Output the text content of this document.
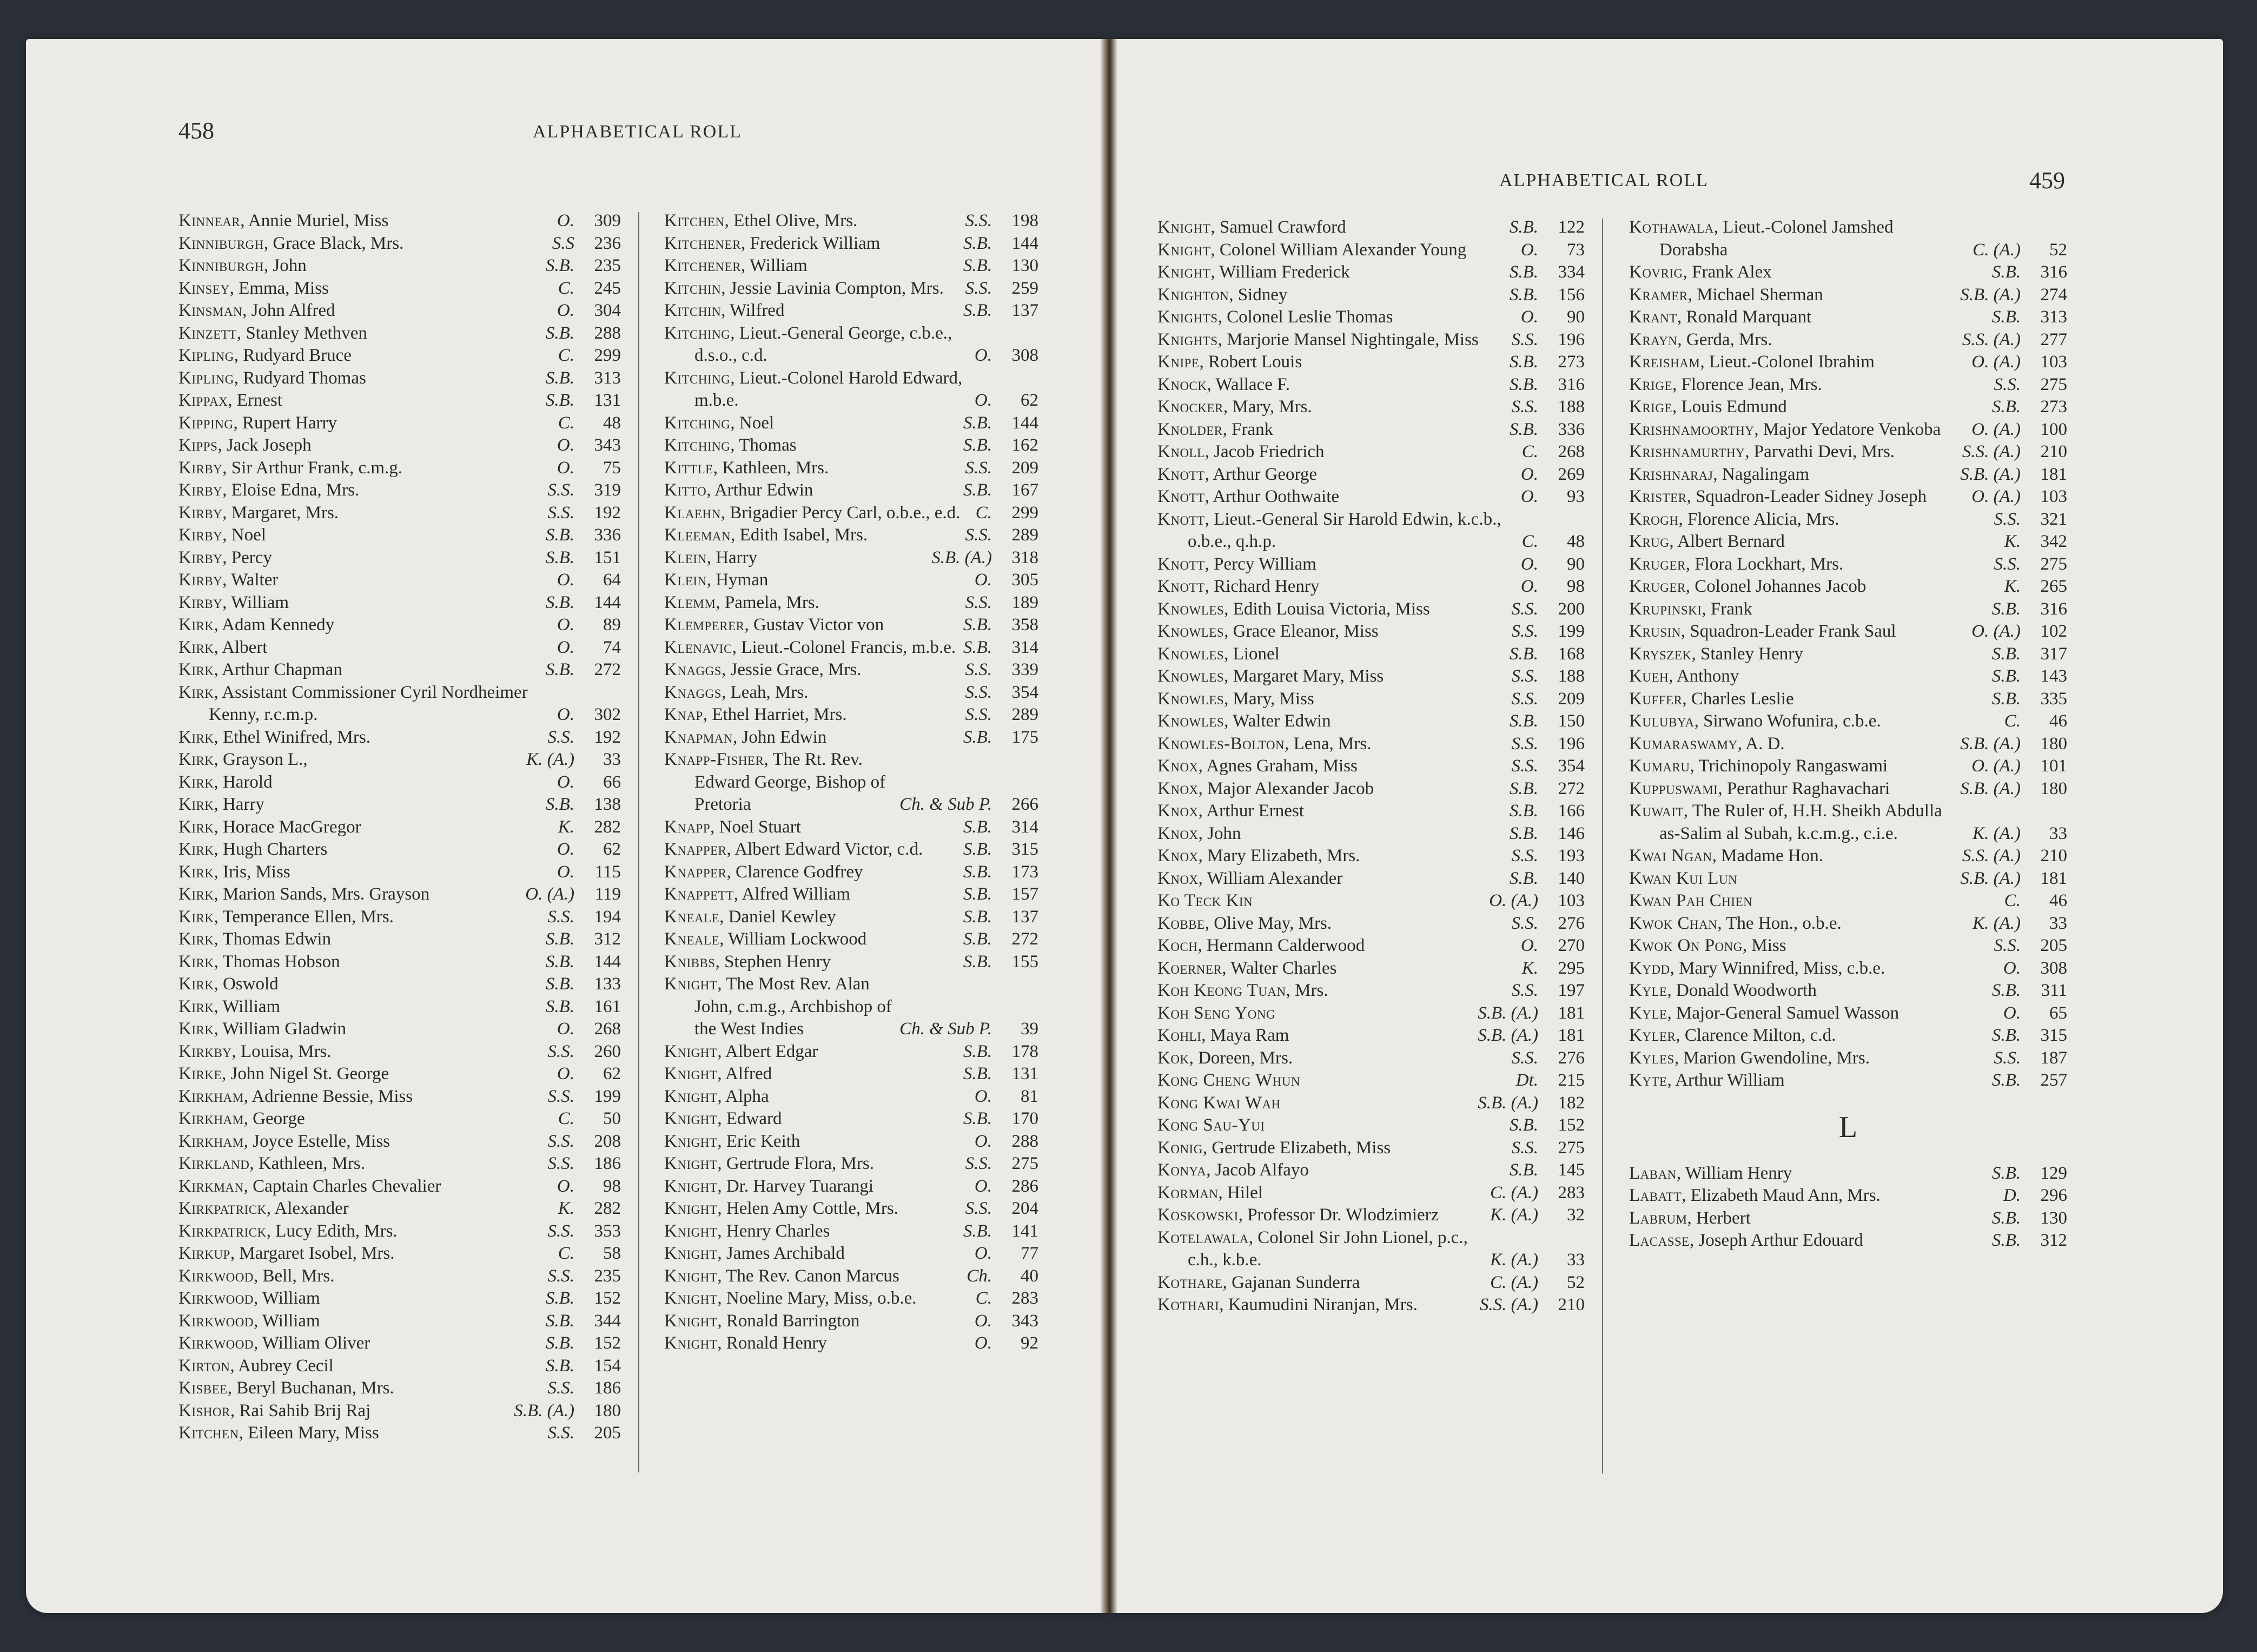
458	ALPHABETICAL ROLL
ALPHABETICAL ROLL	459
Kinnear, Annie Muriel, Miss	O.	309
Kinniburgh, Grace Black, Mrs.	S.S	236
Kinniburgh, John	S.B.	235
Kinsey, Emma, Miss	C.	245
Kinsman, John Alfred	O.	304
Kinzett, Stanley Methven	S.B.	288
Kipling, Rudyard Bruce	C.	299
Kipling, Rudyard Thomas	S.B.	313
Kippax, Ernest	S.B.	131
Kipping, Rupert Harry	C.	48
Kipps, Jack Joseph	O.	343
Kirby, Sir Arthur Frank, c.m.g.	O.	75
Kirby, Eloise Edna, Mrs.	S.S.	319
Kirby, Margaret, Mrs.	S.S.	192
Kirby, Noel	S.B.	336
Kirby, Percy	S.B.	151
Kirby, Walter	O.	64
Kirby, William	S.B.	144
Kirk, Adam Kennedy	O.	89
Kirk, Albert	O.	74
Kirk, Arthur Chapman	S.B.	272
Kirk, Assistant Commissioner Cyril Nordheimer Kenny, r.c.m.p.	O.	302
Kirk, Ethel Winifred, Mrs.	S.S.	192
Kirk, Grayson L.,	K. (A.)	33
Kirk, Harold	O.	66
Kirk, Harry	S.B.	138
Kirk, Horace MacGregor	K.	282
Kirk, Hugh Charters	O.	62
Kirk, Iris, Miss	O.	115
Kirk, Marion Sands, Mrs. Grayson	O. (A.)	119
Kirk, Temperance Ellen, Mrs.	S.S.	194
Kirk, Thomas Edwin	S.B.	312
Kirk, Thomas Hobson	S.B.	144
Kirk, Oswold	S.B.	133
Kirk, William	S.B.	161
Kirk, William Gladwin	O.	268
Kirkby, Louisa, Mrs.	S.S.	260
Kirke, John Nigel St. George	O.	62
Kirkham, Adrienne Bessie, Miss	S.S.	199
Kirkham, George	C.	50
Kirkham, Joyce Estelle, Miss	S.S.	208
Kirkland, Kathleen, Mrs.	S.S.	186
Kirkman, Captain Charles Chevalier	O.	98
Kirkpatrick, Alexander	K.	282
Kirkpatrick, Lucy Edith, Mrs.	S.S.	353
Kirkup, Margaret Isobel, Mrs.	C.	58
Kirkwood, Bell, Mrs.	S.S.	235
Kirkwood, William	S.B.	152
Kirkwood, William	S.B.	344
Kirkwood, William Oliver	S.B.	152
Kirton, Aubrey Cecil	S.B.	154
Kisbee, Beryl Buchanan, Mrs.	S.S.	186
Kishor, Rai Sahib Brij Raj	S.B. (A.)	180
Kitchen, Eileen Mary, Miss	S.S.	205
Kitchen, Ethel Olive, Mrs.	S.S.	198
Kitchener, Frederick William	S.B.	144
Kitchener, William	S.B.	130
Kitchin, Jessie Lavinia Compton, Mrs.	S.S.	259
Kitchin, Wilfred	S.B.	137
Kitching, Lieut.-General George, c.b.e., d.s.o., c.d.	O.	308
Kitching, Lieut.-Colonel Harold Edward, m.b.e.	O.	62
Kitching, Noel	S.B.	144
Kitching, Thomas	S.B.	162
Kittle, Kathleen, Mrs.	S.S.	209
Kitto, Arthur Edwin	S.B.	167
Klaehn, Brigadier Percy Carl, o.b.e., e.d. C.	299
Kleeman, Edith Isabel, Mrs.	S.S.	289
Klein, Harry	S.B. (A.)	318
Klein, Hyman	O.	305
Klemm, Pamela, Mrs.	S.S.	189
Klemperer, Gustav Victor von	S.B.	358
Klenavic, Lieut.-Colonel Francis, m.b.e. S.B.	314
Knaggs, Jessie Grace, Mrs.	S.S.	339
Knaggs, Leah, Mrs.	S.S.	354
Knap, Ethel Harriet, Mrs.	S.S.	289
Knapman, John Edwin	S.B.	175
Knapp-Fisher, The Rt. Rev. Edward George, Bishop of Pretoria	Ch. & Sub P.	266
Knapp, Noel Stuart	S.B.	314
Knapper, Albert Edward Victor, c.d.	S.B.	315
Knapper, Clarence Godfrey	S.B.	173
Knappett, Alfred William	S.B.	157
Kneale, Daniel Kewley	S.B.	137
Kneale, William Lockwood	S.B.	272
Knibbs, Stephen Henry	S.B.	155
Knight, The Most Rev. Alan John, c.m.g., Archbishop of the West Indies	Ch. & Sub P.	39
Knight, Albert Edgar	S.B.	178
Knight, Alfred	S.B.	131
Knight, Alpha	O.	81
Knight, Edward	S.B.	170
Knight, Eric Keith	O.	288
Knight, Gertrude Flora, Mrs.	S.S.	275
Knight, Dr. Harvey Tuarangi	O.	286
Knight, Helen Amy Cottle, Mrs.	S.S.	204
Knight, Henry Charles	S.B.	141
Knight, James Archibald	O.	77
Knight, The Rev. Canon Marcus	Ch.	40
Knight, Noeline Mary, Miss, o.b.e.	C.	283
Knight, Ronald Barrington	O.	343
Knight, Ronald Henry	O.	92
Knight, Samuel Crawford	S.B.	122
Knight, Colonel William Alexander Young	O.	73
Knight, William Frederick	S.B.	334
Knighton, Sidney	S.B.	156
Knights, Colonel Leslie Thomas	O.	90
Knights, Marjorie Mansel Nightingale, Miss	S.S.	196
Knipe, Robert Louis	S.B.	273
Knock, Wallace F.	S.B.	316
Knocker, Mary, Mrs.	S.S.	188
Knolder, Frank	S.B.	336
Knoll, Jacob Friedrich	C.	268
Knott, Arthur George	O.	269
Knott, Arthur Oothwaite	O.	93
Knott, Lieut.-General Sir Harold Edwin, k.c.b., o.b.e., q.h.p.	C.	48
Knott, Percy William	O.	90
Knott, Richard Henry	O.	98
Knowles, Edith Louisa Victoria, Miss	S.S.	200
Knowles, Grace Eleanor, Miss	S.S.	199
Knowles, Lionel	S.B.	168
Knowles, Margaret Mary, Miss	S.S.	188
Knowles, Mary, Miss	S.S.	209
Knowles, Walter Edwin	S.B.	150
Knowles-Bolton, Lena, Mrs.	S.S.	196
Knox, Agnes Graham, Miss	S.S.	354
Knox, Major Alexander Jacob	S.B.	272
Knox, Arthur Ernest	S.B.	166
Knox, John	S.B.	146
Knox, Mary Elizabeth, Mrs.	S.S.	193
Knox, William Alexander	S.B.	140
Ko Teck Kin	O. (A.)	103
Kobbe, Olive May, Mrs.	S.S.	276
Koch, Hermann Calderwood	O.	270
Koerner, Walter Charles	K.	295
Koh Keong Tuan, Mrs.	S.S.	197
Koh Seng Yong	S.B. (A.)	181
Kohli, Maya Ram	S.B. (A.)	181
Kok, Doreen, Mrs.	S.S.	276
Kong Cheng Whun	Dt.	215
Kong Kwai Wah	S.B. (A.)	182
Kong Sau-Yui	S.B.	152
Konig, Gertrude Elizabeth, Miss	S.S.	275
Konya, Jacob Alfayo	S.B.	145
Korman, Hilel	C. (A.)	283
Koskowski, Professor Dr. Wlodzimierz	K. (A.)	32
Kotelawala, Colonel Sir John Lionel, p.c., c.h., k.b.e.	K. (A.)	33
Kothare, Gajanan Sunderra	C. (A.)	52
Kothari, Kaumudini Niranjan, Mrs.	S.S. (A.)	210
Kothawala, Lieut.-Colonel Jamshed Dorabsha	C. (A.)	52
Kovrig, Frank Alex	S.B.	316
Kramer, Michael Sherman	S.B. (A.)	274
Krant, Ronald Marquant	S.B.	313
Krayn, Gerda, Mrs.	S.S. (A.)	277
Kreisham, Lieut.-Colonel Ibrahim	O. (A.)	103
Krige, Florence Jean, Mrs.	S.S.	275
Krige, Louis Edmund	S.B.	273
Krishnamoorthy, Major Yedatore Venkoba	O. (A.)	100
Krishnamurthy, Parvathi Devi, Mrs.	S.S. (A.)	210
Krishnaraj, Nagalingam	S.B. (A.)	181
Krister, Squadron-Leader Sidney Joseph	O. (A.)	103
Krogh, Florence Alicia, Mrs.	S.S.	321
Krug, Albert Bernard	K.	342
Kruger, Flora Lockhart, Mrs.	S.S.	275
Kruger, Colonel Johannes Jacob	K.	265
Krupinski, Frank	S.B.	316
Krusin, Squadron-Leader Frank Saul	O. (A.)	102
Kryszek, Stanley Henry	S.B.	317
Kueh, Anthony	S.B.	143
Kuffer, Charles Leslie	S.B.	335
Kulubya, Sirwano Wofunira, c.b.e.	C.	46
Kumaraswamy, A. D.	S.B. (A.)	180
Kumaru, Trichinopoly Rangaswami	O. (A.)	101
Kuppuswami, Perathur Raghavachari	S.B. (A.)	180
Kuwait, The Ruler of, H.H. Sheikh Abdulla as-Salim al Subah, k.c.m.g., c.i.e.	K. (A.)	33
Kwai Ngan, Madame Hon.	S.S. (A.)	210
Kwan Kui Lun	S.B. (A.)	181
Kwan Pah Chien	C.	46
Kwok Chan, The Hon., o.b.e.	K. (A.)	33
Kwok On Pong, Miss	S.S.	205
Kydd, Mary Winnifred, Miss, c.b.e.	O.	308
Kyle, Donald Woodworth	S.B.	311
Kyle, Major-General Samuel Wasson	O.	65
Kyler, Clarence Milton, c.d.	S.B.	315
Kyles, Marion Gwendoline, Mrs.	S.S.	187
Kyte, Arthur William	S.B.	257
L
Laban, William Henry	S.B.	129
Labatt, Elizabeth Maud Ann, Mrs.	D.	296
Labrum, Herbert	S.B.	130
Lacasse, Joseph Arthur Edouard	S.B.	312
